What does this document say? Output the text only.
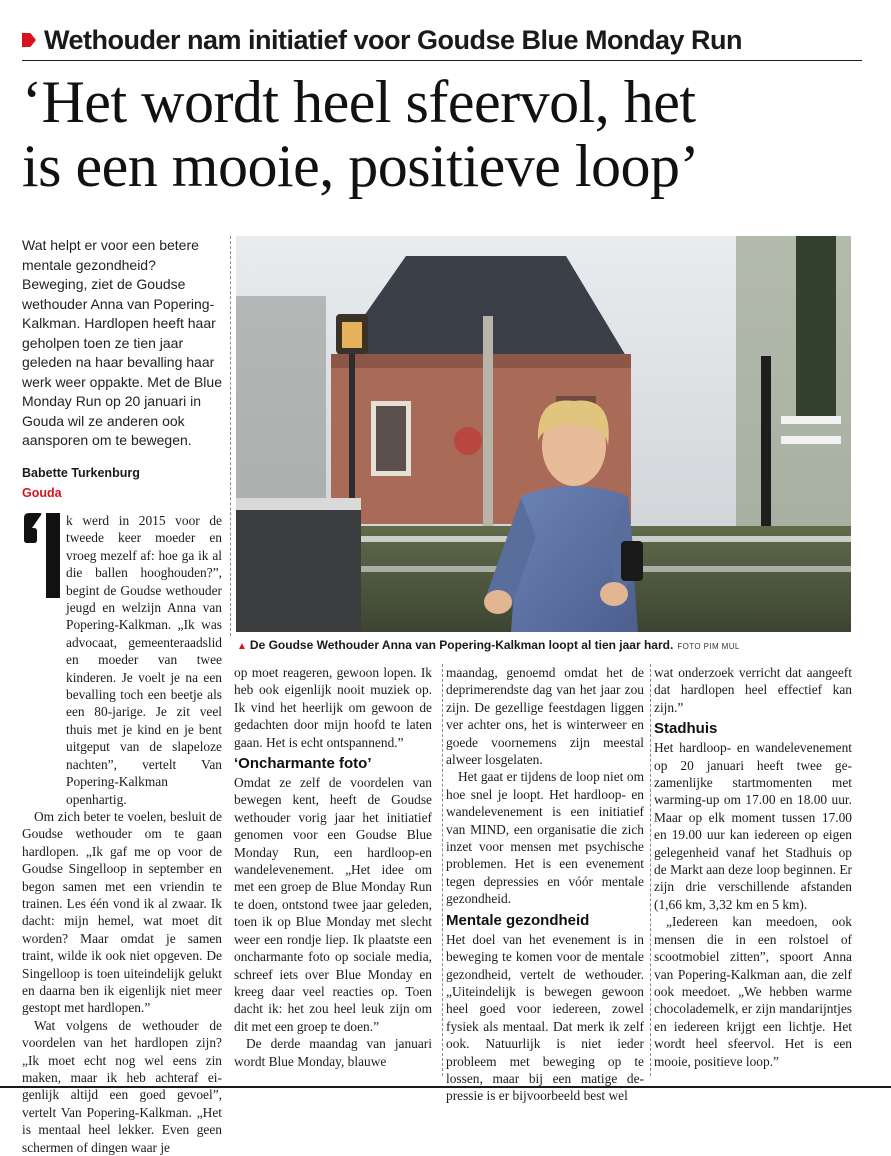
Wethouder nam initiatief voor Goudse Blue Monday Run
‘Het wordt heel sfeervol, het
is een mooie, positieve loop’
Wat helpt er voor een betere mentale gezondheid? Beweging, ziet de Goudse wethouder Anna van Popering-Kalkman. Hardlopen heeft haar geholpen toen ze tien jaar geleden na haar bevalling haar werk weer oppakte. Met de Blue Monday Run op 20 januari in Gouda wil ze anderen ook aansporen om te bewegen.
Babette Turkenburg
Gouda
▲ De Goudse Wethouder Anna van Popering-Kalkman loopt al tien jaar hard. FOTO PIM MUL

k werd in 2015 voor de tweede keer moeder en vroeg mezelf af: hoe ga ik al die ballen hooghouden?”, begint de Goudse wethouder jeugd en welzijn Anna van Popering-Kalkman. „Ik was advocaat, gemeenteraadslid en moeder van twee kinderen. Je voelt je na een bevalling toch een beetje als een 80-jarige. Je zit veel thuis met je kind en je bent uitgeput van de slapeloze nachten”, vertelt Van Popering-Kalkman openhartig.

Om zich beter te voelen, besluit de Goudse wethouder om te gaan hardlopen. „Ik gaf me op voor de Goudse Singelloop in september en begon samen met een vriendin te trainen. Les één vond ik al zwaar. Ik dacht: mijn hemel, wat moet dit worden? Maar omdat je samen traint, wilde ik ook niet opgeven. De Singelloop is toen uiteindelijk gelukt en daarna ben ik eigenlijk niet meer gestopt met hardlopen.”

Wat volgens de wethouder de voordelen van het hardlopen zijn? „Ik moet echt nog wel eens zin maken, maar ik heb achteraf eigenlijk altijd een goed gevoel”, vertelt Van Popering-Kalkman. „Het is mentaal heel lekker. Even geen schermen of dingen waar je

op moet reageren, gewoon lopen. Ik heb ook eigenlijk nooit muziek op. Ik vind het heerlijk om gewoon de gedachten door mijn hoofd te laten gaan. Het is echt ontspannend.”

‘Oncharmante foto’

Omdat ze zelf de voordelen van bewegen kent, heeft de Goudse wethouder vorig jaar het initiatief genomen voor een Goudse Blue Monday Run, een hardloop-en wandelevenement. „Het idee om met een groep de Blue Monday Run te doen, ontstond twee jaar geleden, toen ik op Blue Monday met slecht weer een rondje liep. Ik plaatste een oncharmante foto op sociale media, schreef iets over Blue Monday en kreeg daar veel reacties op. Toen dacht ik: het zou heel leuk zijn om dit met een groep te doen.”

De derde maandag van januari wordt Blue Monday, blauwe

maandag, genoemd omdat het de deprimerendste dag van het jaar zou zijn. De gezellige feestdagen liggen ver achter ons, het is winterweer en goede voornemens zijn meestal alweer losgelaten.

Het gaat er tijdens de loop niet om hoe snel je loopt. Het hardloop- en wandelevenement is een initiatief van MIND, een organisatie die zich inzet voor mensen met psychische problemen. Het is een evenement tegen depressies en vóór mentale gezondheid.

Mentale gezondheid

Het doel van het evenement is in beweging te komen voor de mentale gezondheid, vertelt de wethouder. „Uiteindelijk is bewegen gewoon heel goed voor iedereen, zowel fysiek als mentaal. Dat merk ik zelf ook. Natuurlijk is niet ieder probleem met beweging op te lossen, maar bij een matige depressie is er bijvoorbeeld best wel

wat onderzoek verricht dat aangeeft dat hardlopen heel effectief kan zijn.”

Stadhuis

Het hardloop- en wandelevenement op 20 januari heeft twee gezamenlijke startmomenten met warming-up om 17.00 en 18.00 uur. Maar op elk moment tussen 17.00 en 19.00 uur kan iedereen op eigen gelegenheid vanaf het Stadhuis op de Markt aan deze loop beginnen. Er zijn drie verschillende afstanden (1,66 km, 3,32 km en 5 km).

„Iedereen kan meedoen, ook mensen die in een rolstoel of scootmobiel zitten”, spoort Anna van Popering-Kalkman aan, die zelf ook meedoet. „We hebben warme chocolademelk, er zijn mandarijntjes en iedereen krijgt een lichtje. Het wordt heel sfeervol. Het is een mooie, positieve loop.”
